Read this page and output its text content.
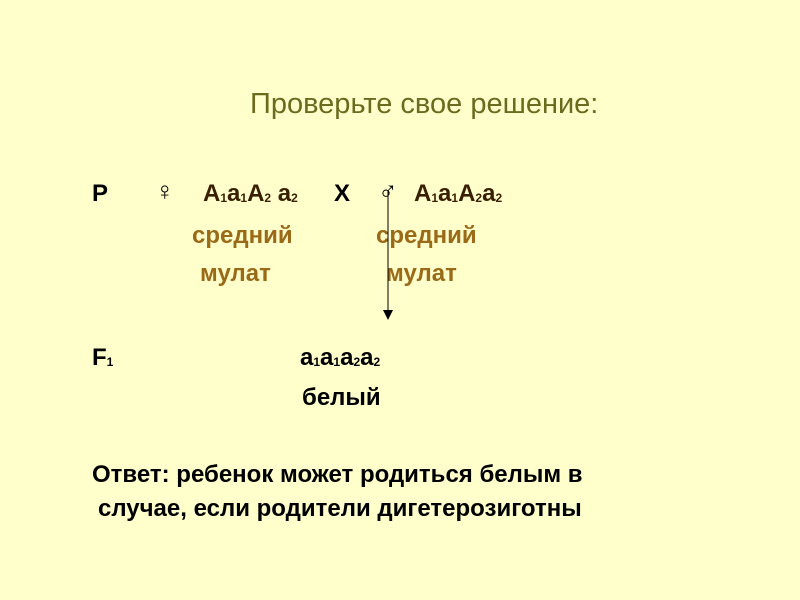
Проверьте свое решение:
P ♀ $A_1a_1A_2$ $a_2$ X ♂ $A_1a_1A_2a_2$
средний
мулат
средний
мулат
$F_1$	$a_1a_1a_2a_2$
белый
Ответ: ребенок может родиться белым в
случае, если родители дигетерозиготны
